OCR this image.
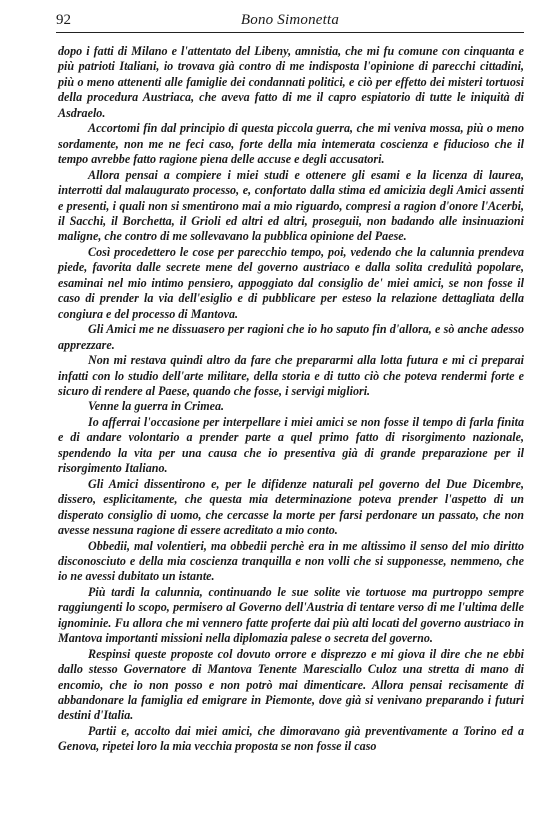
92	Bono Simonetta

dopo i fatti di Milano e l'attentato del Libeny, amnistia, che mi fu comune con cinquanta e più patrioti Italiani, io trovava già contro di me indisposta l'opinione di parecchi cittadini, più o meno attenenti alle famiglie dei condannati politici, e ciò per effetto dei misteri tortuosi della procedura Austriaca, che aveva fatto di me il capro espiatorio di tutte le iniquità di Asdraelo.

Accortomi fin dal principio di questa piccola guerra, che mi veniva mossa, più o meno sordamente, non me ne feci caso, forte della mia intemerata coscienza e fiducioso che il tempo avrebbe fatto ragione piena delle accuse e degli accusatori.

Allora pensai a compiere i miei studi e ottenere gli esami e la licenza di laurea, interrotti dal malaugurato processo, e, confortato dalla stima ed amicizia degli Amici assenti e presenti, i quali non si smentirono mai a mio riguardo, compresi a ragion d'onore l'Acerbi, il Sacchi, il Borchetta, il Grioli ed altri ed altri, proseguii, non badando alle insinuazioni maligne, che contro di me sollevavano la pubblica opinione del Paese.

Così procedettero le cose per parecchio tempo, poi, vedendo che la calunnia prendeva piede, favorita dalle secrete mene del governo austriaco e dalla solita credulità popolare, esaminai nel mio intimo pensiero, appoggiato dal consiglio de' miei amici, se non fosse il caso di prender la via dell'esiglio e di pubblicare per esteso la relazione dettagliata della congiura e del processo di Mantova.

Gli Amici me ne dissuasero per ragioni che io ho saputo fin d'allora, e sò anche adesso apprezzare.

Non mi restava quindi altro da fare che prepararmi alla lotta futura e mi ci preparai infatti con lo studio dell'arte militare, della storia e di tutto ciò che poteva rendermi forte e sicuro di rendere al Paese, quando che fosse, i servigi migliori.

Venne la guerra in Crimea.

Io afferrai l'occasione per interpellare i miei amici se non fosse il tempo di farla finita e di andare volontario a prender parte a quel primo fatto di risorgimento nazionale, spendendo la vita per una causa che io presentiva già di grande preparazione per il risorgimento Italiano.

Gli Amici dissentirono e, per le difidenze naturali pel governo del Due Dicembre, dissero, esplicitamente, che questa mia determinazione poteva prender l'aspetto di un disperato consiglio di uomo, che cercasse la morte per farsi perdonare un passato, che non avesse nessuna ragione di essere acreditato a mio conto.

Obbedii, mal volentieri, ma obbedii perchè era in me altissimo il senso del mio diritto disconosciuto e della mia coscienza tranquilla e non volli che si supponesse, nemmeno, che io ne avessi dubitato un istante.

Più tardi la calunnia, continuando le sue solite vie tortuose ma purtroppo sempre raggiungenti lo scopo, permisero al Governo dell'Austria di tentare verso di me l'ultima delle ignominie. Fu allora che mi vennero fatte proferte dai più alti locati del governo austriaco in Mantova importanti missioni nella diplomazia palese o secreta del governo.

Respinsi queste proposte col dovuto orrore e disprezzo e mi giova il dire che ne ebbi dallo stesso Governatore di Mantova Tenente Maresciallo Culoz una stretta di mano di encomio, che io non posso e non potrò mai dimenticare. Allora pensai recisamente di abbandonare la famiglia ed emigrare in Piemonte, dove già si venivano preparando i futuri destini d'Italia.

Partii e, accolto dai miei amici, che dimoravano già preventivamente a Torino ed a Genova, ripetei loro la mia vecchia proposta se non fosse il caso
